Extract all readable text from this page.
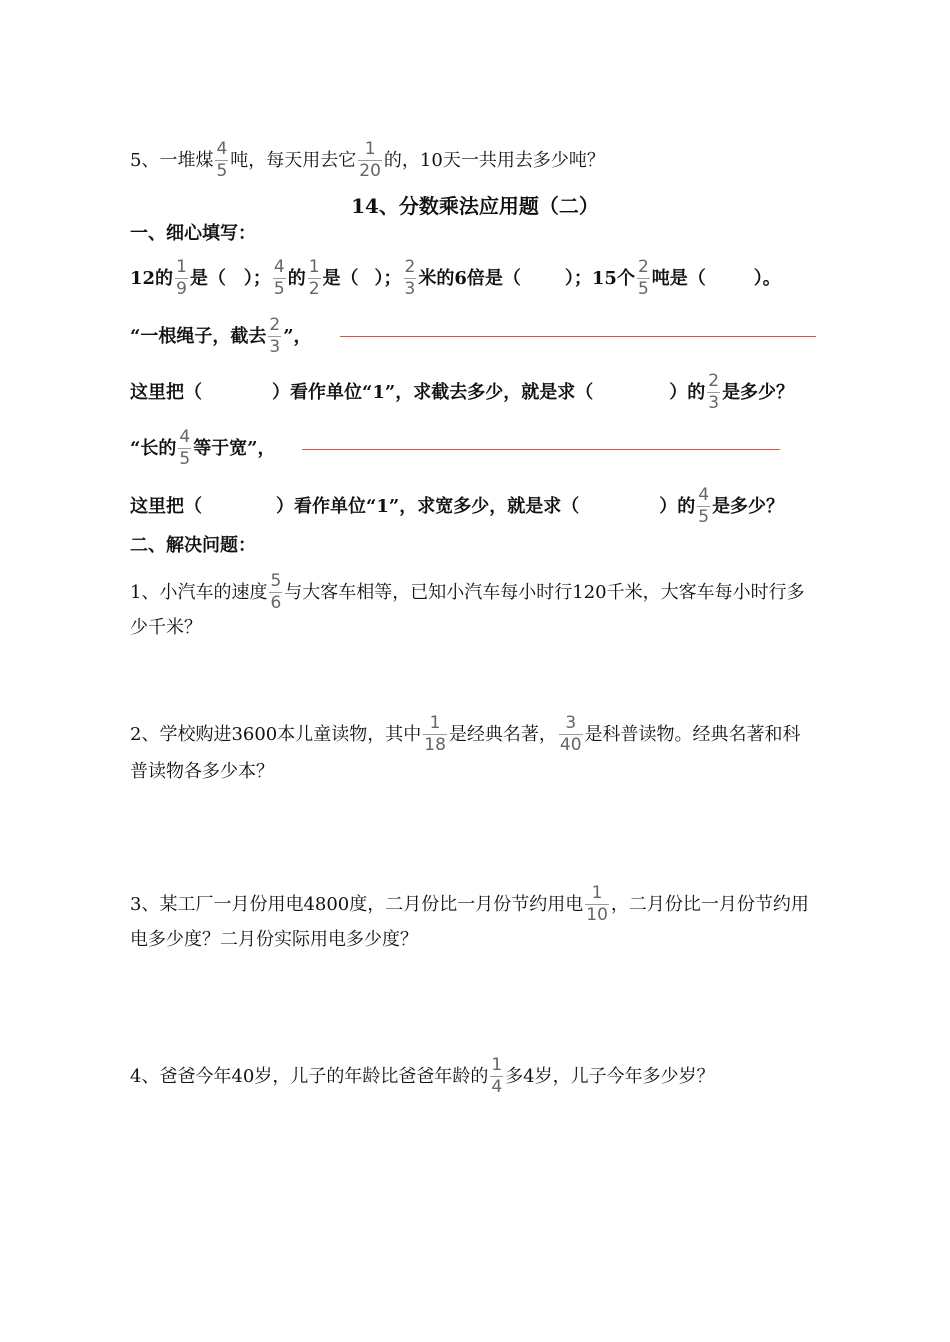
5、一堆煤 $\frac{4}{5}$ 吨，每天用去它 $\frac{1}{20}$ 的，10天一共用去多少吨？
14、分数乘法应用题（二）
一、细心填写：
12的 $\frac{1}{9}$ 是（ ）； $\frac{4}{5}$ 的 $\frac{1}{2}$ 是（ ）； $\frac{2}{3}$ 米的6倍是（ ）；15个 $\frac{2}{5}$ 吨是（	）。
“一根绳子，截去 $\frac{2}{3}$ ”，
这里把（	）看作单位“1”，求截去多少，就是求（	）的 $\frac{2}{3}$ 是多少？
“长的 $\frac{4}{5}$ 等于宽”，
这里把（	）看作单位“1”，求宽多少，就是求（	）的 $\frac{4}{5}$ 是多少？
二、解决问题：
1、小汽车的速度 $\frac{5}{6}$ 与大客车相等，已知小汽车每小时行120千米，大客车每小时行多
少千米？
2、学校购进3600本儿童读物，其中 $\frac{1}{18}$ 是经典名著， $\frac{3}{40}$ 是科普读物。经典名著和科
普读物各多少本？
3、某工厂一月份用电4800度，二月份比一月份节约用电 $\frac{1}{10}$ ，二月份比一月份节约用
电多少度？二月份实际用电多少度？
4、爸爸今年40岁，儿子的年龄比爸爸年龄的 $\frac{1}{4}$ 多4岁，儿子今年多少岁？
